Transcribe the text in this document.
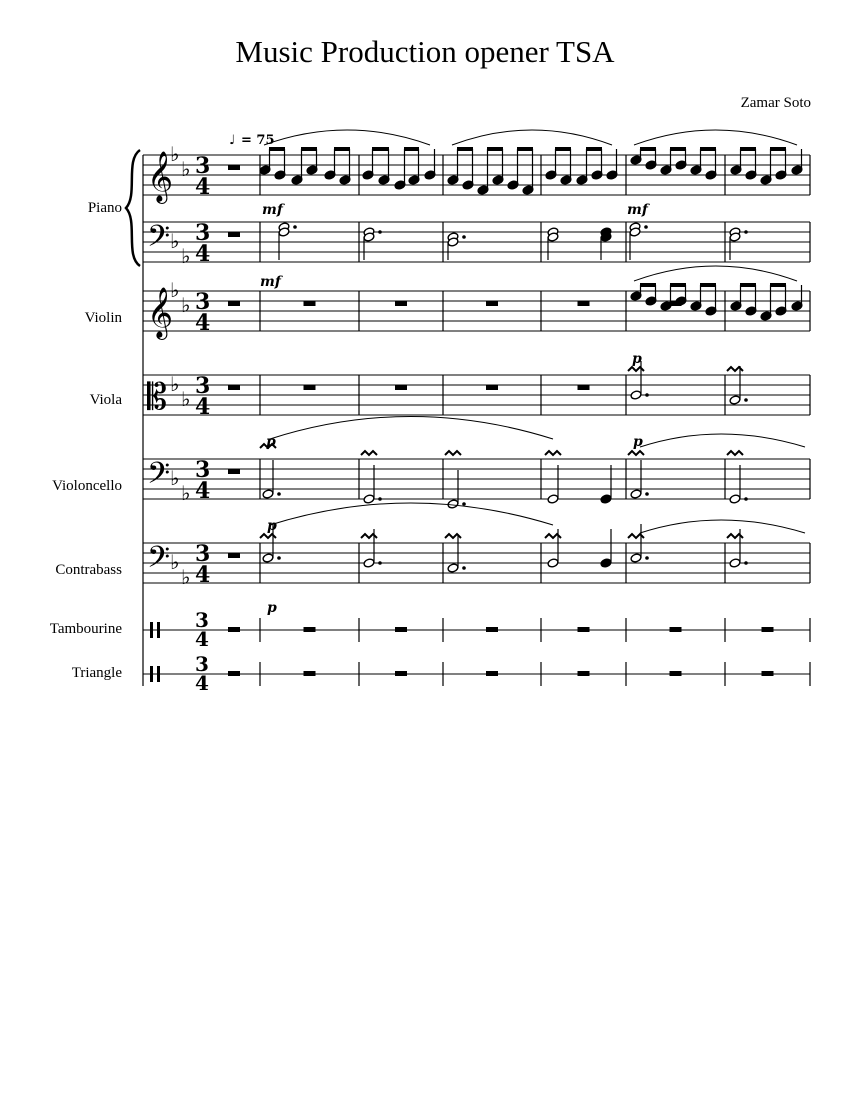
Music Production opener TSA
Zamar Soto
Piano
Violin
Viola
Violoncello
Contrabass
Tambourine
Triangle
𝄞
♭
♭ 3
4
𝄢 ♭
♭
3
4
𝄞
♭
♭ 3
4
𝄡 ♭
♭ 3
4
𝄢 ♭
♭
3
4
𝄢 ♭
♭
3
4
3
4
3
4
♩ = 75
mf	mf
mf
p
p	p
p
p
